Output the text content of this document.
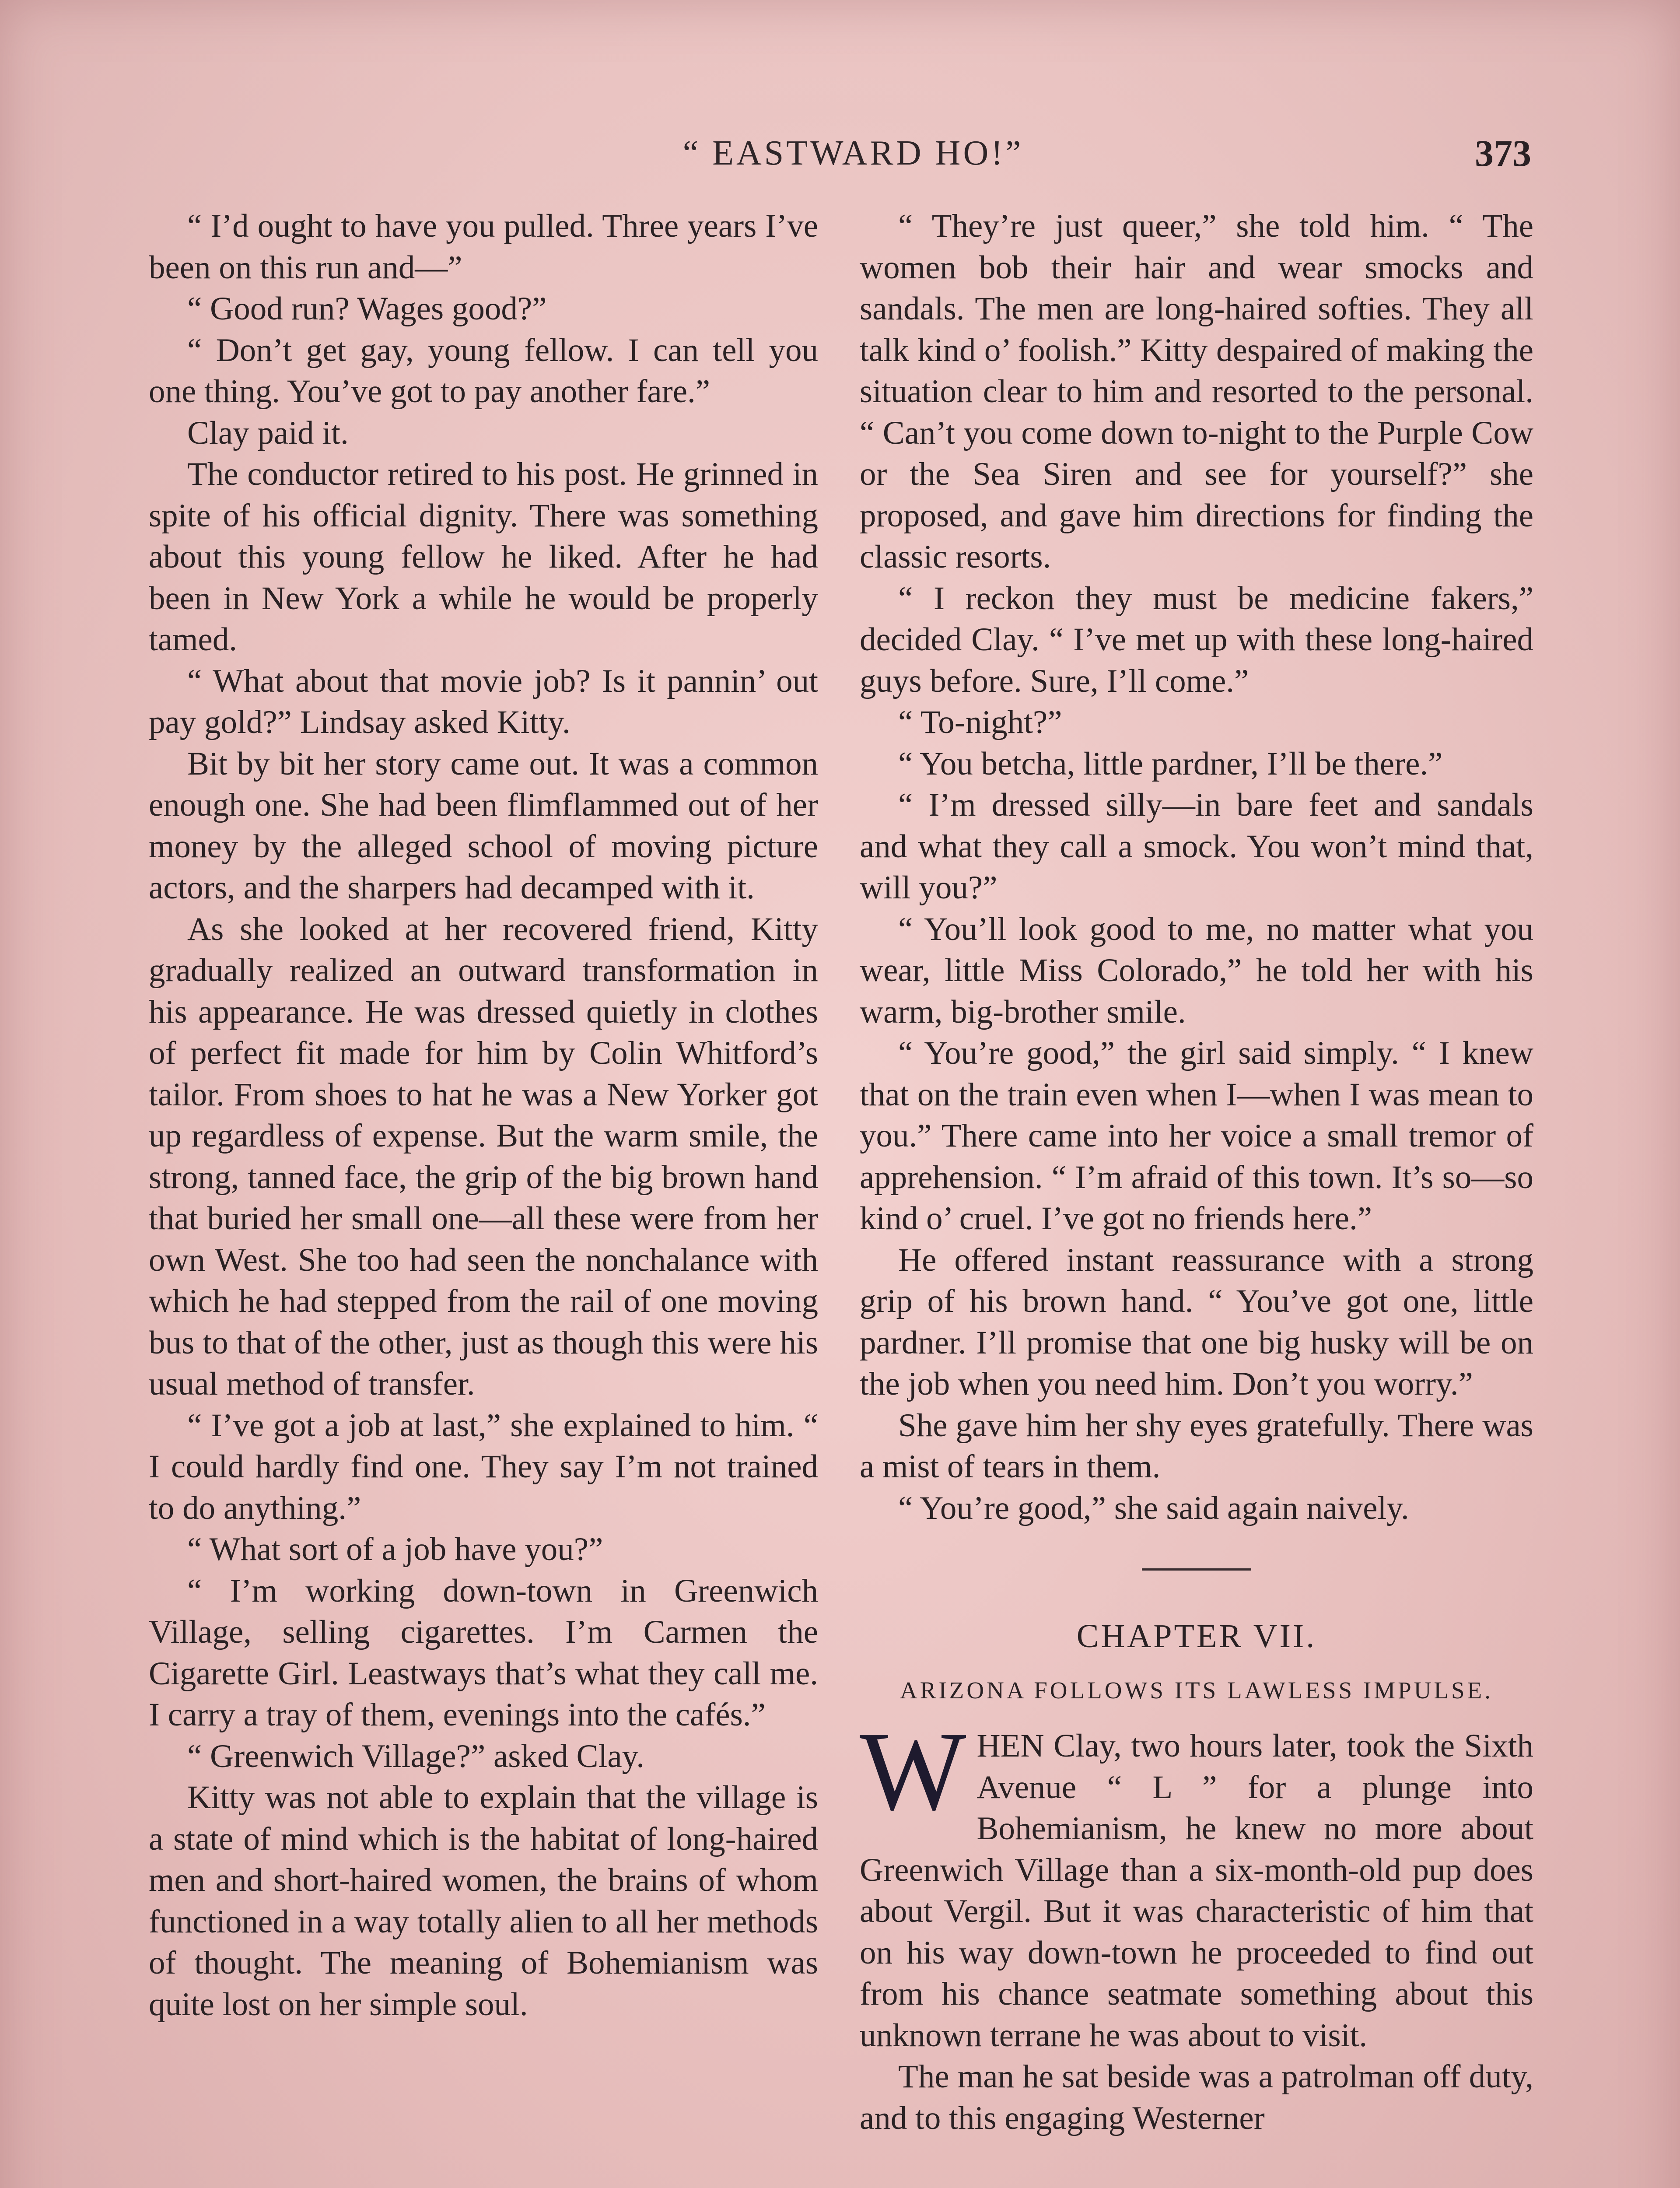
“ EASTWARD HO!”	373

“ I’d ought to have you pulled. Three years I’ve been on this run and—”

“ Good run? Wages good?”

“ Don’t get gay, young fellow. I can tell you one thing. You’ve got to pay another fare.”

Clay paid it.

The conductor retired to his post. He grinned in spite of his official dignity. There was something about this young fellow he liked. After he had been in New York a while he would be properly tamed.

“ What about that movie job? Is it pannin’ out pay gold?” Lindsay asked Kitty.

Bit by bit her story came out. It was a common enough one. She had been flimflammed out of her money by the alleged school of moving picture actors, and the sharpers had decamped with it.

As she looked at her recovered friend, Kitty gradually realized an outward transformation in his appearance. He was dressed quietly in clothes of perfect fit made for him by Colin Whitford’s tailor. From shoes to hat he was a New Yorker got up regardless of expense. But the warm smile, the strong, tanned face, the grip of the big brown hand that buried her small one—all these were from her own West. She too had seen the nonchalance with which he had stepped from the rail of one moving bus to that of the other, just as though this were his usual method of transfer.

“ I’ve got a job at last,” she explained to him. “ I could hardly find one. They say I’m not trained to do anything.”

“ What sort of a job have you?”

“ I’m working down-town in Greenwich Village, selling cigarettes. I’m Carmen the Cigarette Girl. Leastways that’s what they call me. I carry a tray of them, evenings into the cafés.”

“ Greenwich Village?” asked Clay.

Kitty was not able to explain that the village is a state of mind which is the habitat of long-haired men and short-haired women, the brains of whom functioned in a way totally alien to all her methods of thought. The meaning of Bohemianism was quite lost on her simple soul.

“ They’re just queer,” she told him. “ The women bob their hair and wear smocks and sandals. The men are long-haired softies. They all talk kind o’ foolish.” Kitty despaired of making the situation clear to him and resorted to the personal. “ Can’t you come down to-night to the Purple Cow or the Sea Siren and see for yourself?” she proposed, and gave him directions for finding the classic resorts.

“ I reckon they must be medicine fakers,” decided Clay. “ I’ve met up with these long-haired guys before. Sure, I’ll come.”

“ To-night?”

“ You betcha, little pardner, I’ll be there.”

“ I’m dressed silly—in bare feet and sandals and what they call a smock. You won’t mind that, will you?”

“ You’ll look good to me, no matter what you wear, little Miss Colorado,” he told her with his warm, big-brother smile.

“ You’re good,” the girl said simply. “ I knew that on the train even when I—when I was mean to you.” There came into her voice a small tremor of apprehension. “ I’m afraid of this town. It’s so—so kind o’ cruel. I’ve got no friends here.”

He offered instant reassurance with a strong grip of his brown hand. “ You’ve got one, little pardner. I’ll promise that one big husky will be on the job when you need him. Don’t you worry.”

She gave him her shy eyes gratefully. There was a mist of tears in them.

“ You’re good,” she said again naively.

CHAPTER VII.
ARIZONA FOLLOWS ITS LAWLESS IMPULSE.
WHEN Clay, two hours later, took the Sixth Avenue “ L ” for a plunge into Bohemianism, he knew no more about Greenwich Village than a six-month-old pup does about Vergil. But it was characteristic of him that on his way down-town he proceeded to find out from his chance seatmate something about this unknown terrane he was about to visit.

The man he sat beside was a patrolman off duty, and to this engaging Westerner
